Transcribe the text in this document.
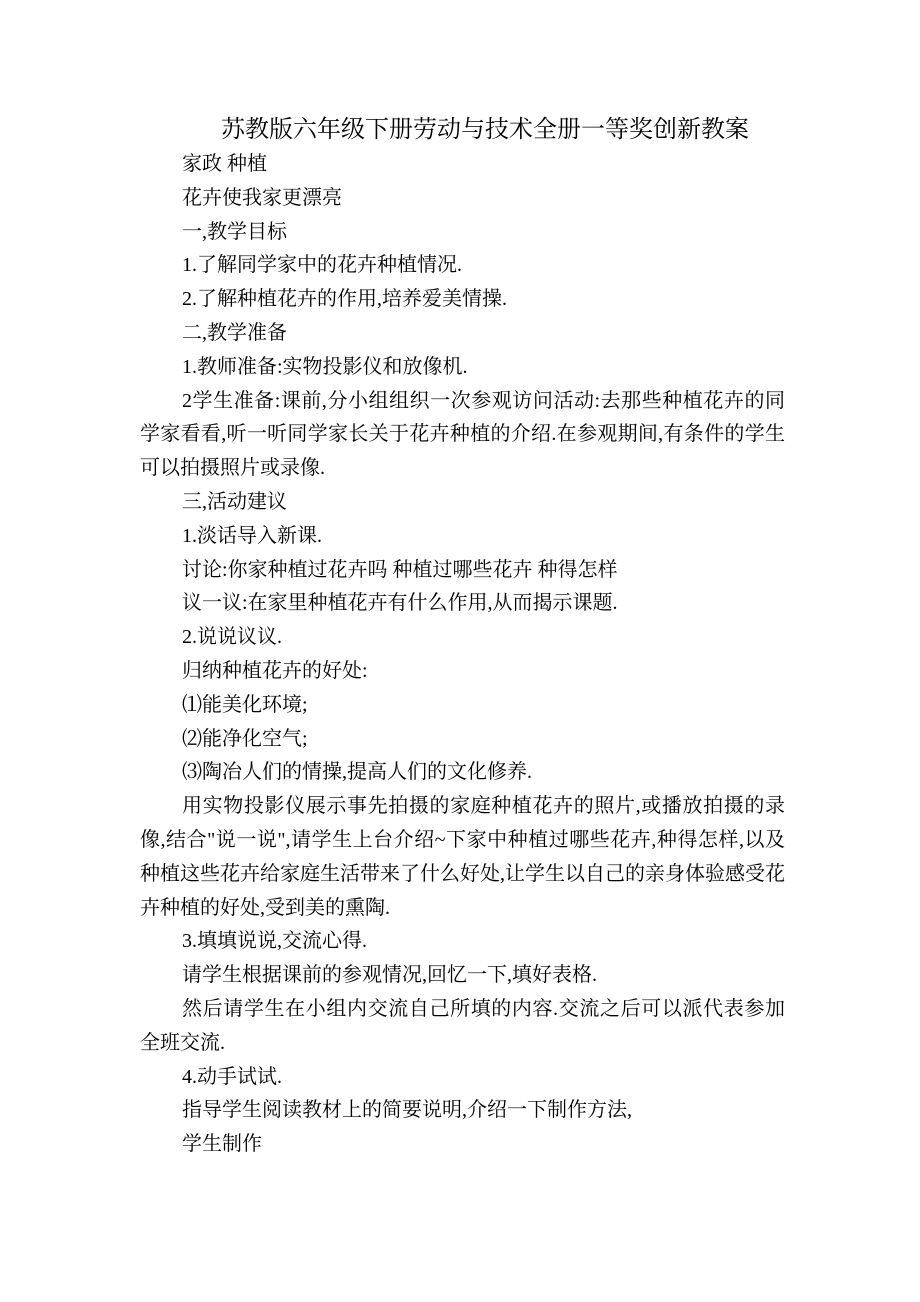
苏教版六年级下册劳动与技术全册一等奖创新教案

家政 种植

花卉使我家更漂亮

一,教学目标

1.了解同学家中的花卉种植情况.

2.了解种植花卉的作用,培养爱美情操.

二,教学准备

1.教师准备:实物投影仪和放像机.

2学生准备:课前,分小组组织一次参观访问活动:去那些种植花卉的同学家看看,听一听同学家长关于花卉种植的介绍.在参观期间,有条件的学生可以拍摄照片或录像.

三,活动建议

1.淡话导入新课.

讨论:你家种植过花卉吗 种植过哪些花卉 种得怎样

议一议:在家里种植花卉有什么作用,从而揭示课题.

2.说说议议.

归纳种植花卉的好处:

⑴能美化环境;

⑵能净化空气;

⑶陶冶人们的情操,提高人们的文化修养.

用实物投影仪展示事先拍摄的家庭种植花卉的照片,或播放拍摄的录像,结合"说一说",请学生上台介绍~下家中种植过哪些花卉,种得怎样,以及种植这些花卉给家庭生活带来了什么好处,让学生以自己的亲身体验感受花卉种植的好处,受到美的熏陶.

3.填填说说,交流心得.

请学生根据课前的参观情况,回忆一下,填好表格.

然后请学生在小组内交流自己所填的内容.交流之后可以派代表参加全班交流.

4.动手试试.

指导学生阅读教材上的简要说明,介绍一下制作方法,

学生制作
